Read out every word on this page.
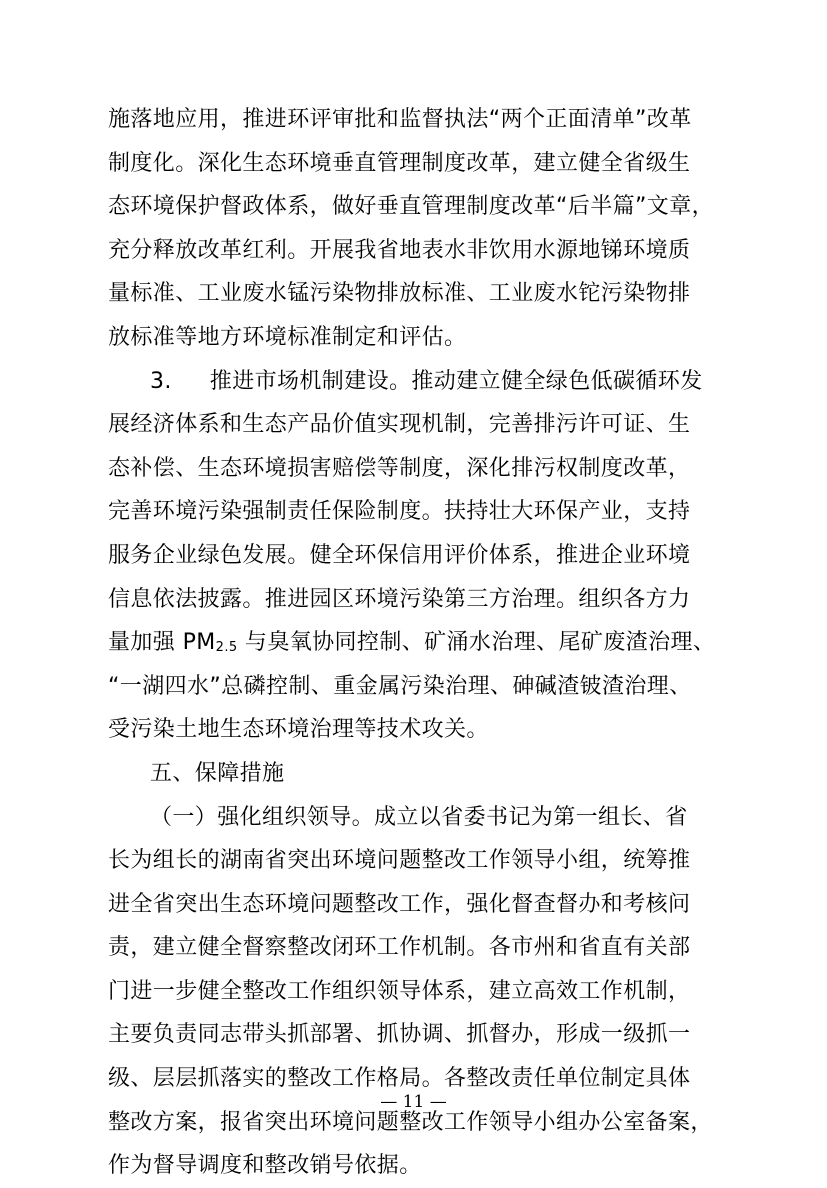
施落地应用，推进环评审批和监督执法“两个正面清单”改革
制度化。深化生态环境垂直管理制度改革，建立健全省级生
态环境保护督政体系，做好垂直管理制度改革“后半篇”文章，
充分释放改革红利。开展我省地表水非饮用水源地锑环境质
量标准、工业废水锰污染物排放标准、工业废水铊污染物排
放标准等地方环境标准制定和评估。
3. 推进市场机制建设。推动建立健全绿色低碳循环发
展经济体系和生态产品价值实现机制，完善排污许可证、生
态补偿、生态环境损害赔偿等制度，深化排污权制度改革，
完善环境污染强制责任保险制度。扶持壮大环保产业，支持
服务企业绿色发展。健全环保信用评价体系，推进企业环境
信息依法披露。推进园区环境污染第三方治理。组织各方力
量加强 $PM_{2.5}$ 与臭氧协同控制、矿涌水治理、尾矿废渣治理、
“一湖四水”总磷控制、重金属污染治理、砷碱渣铍渣治理、
受污染土地生态环境治理等技术攻关。
五、保障措施
（一）强化组织领导。成立以省委书记为第一组长、省
长为组长的湖南省突出环境问题整改工作领导小组，统筹推
进全省突出生态环境问题整改工作，强化督查督办和考核问
责，建立健全督察整改闭环工作机制。各市州和省直有关部
门进一步健全整改工作组织领导体系，建立高效工作机制，
主要负责同志带头抓部署、抓协调、抓督办，形成一级抓一
级、层层抓落实的整改工作格局。各整改责任单位制定具体
整改方案，报省突出环境问题整改工作领导小组办公室备案，
作为督导调度和整改销号依据。
— 11 —
